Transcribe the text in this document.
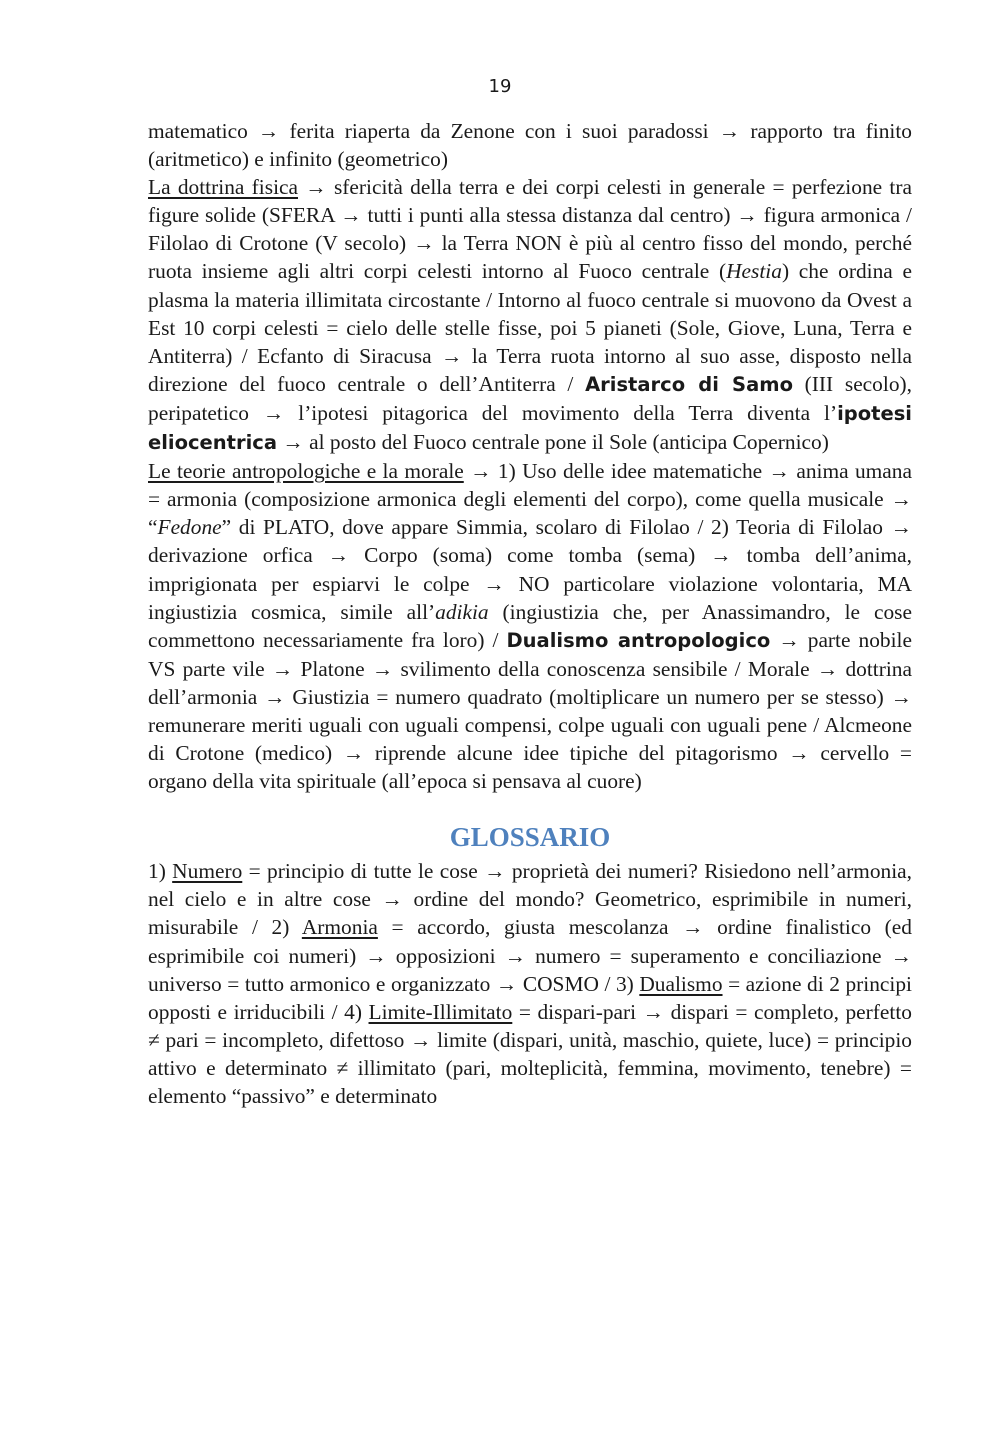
19

matematico → ferita riaperta da Zenone con i suoi paradossi → rapporto tra finito (aritmetico) e infinito (geometrico)

La dottrina fisica → sfericità della terra e dei corpi celesti in generale = perfezione tra figure solide (SFERA → tutti i punti alla stessa distanza dal centro) → figura armonica / Filolao di Crotone (V secolo) → la Terra NON è più al centro fisso del mondo, perché ruota insieme agli altri corpi celesti intorno al Fuoco centrale (Hestia) che ordina e plasma la materia illimitata circostante / Intorno al fuoco centrale si muovono da Ovest a Est 10 corpi celesti = cielo delle stelle fisse, poi 5 pianeti (Sole, Giove, Luna, Terra e Antiterra) / Ecfanto di Siracusa → la Terra ruota intorno al suo asse, disposto nella direzione del fuoco centrale o dell’Antiterra / Aristarco di Samo (III secolo), peripatetico → l’ipotesi pitagorica del movimento della Terra diventa l’ipotesi eliocentrica → al posto del Fuoco centrale pone il Sole (anticipa Copernico)

Le teorie antropologiche e la morale → 1) Uso delle idee matematiche → anima umana = armonia (composizione armonica degli elementi del corpo), come quella musicale → “Fedone” di PLATO, dove appare Simmia, scolaro di Filolao / 2) Teoria di Filolao → derivazione orfica → Corpo (soma) come tomba (sema) → tomba dell’anima, imprigionata per espiarvi le colpe → NO particolare violazione volontaria, MA ingiustizia cosmica, simile all’adikia (ingiustizia che, per Anassimandro, le cose commettono necessariamente fra loro) / Dualismo antropologico → parte nobile VS parte vile → Platone → svilimento della conoscenza sensibile / Morale → dottrina dell’armonia → Giustizia = numero quadrato (moltiplicare un numero per se stesso) → remunerare meriti uguali con uguali compensi, colpe uguali con uguali pene / Alcmeone di Crotone (medico) → riprende alcune idee tipiche del pitagorismo → cervello = organo della vita spirituale (all’epoca si pensava al cuore)

GLOSSARIO

1) Numero = principio di tutte le cose → proprietà dei numeri? Risiedono nell’armonia, nel cielo e in altre cose → ordine del mondo? Geometrico, esprimibile in numeri, misurabile / 2) Armonia = accordo, giusta mescolanza → ordine finalistico (ed esprimibile coi numeri) → opposizioni → numero = superamento e conciliazione → universo = tutto armonico e organizzato → COSMO / 3) Dualismo = azione di 2 principi opposti e irriducibili / 4) Limite-Illimitato = dispari-pari → dispari = completo, perfetto ≠ pari = incompleto, difettoso → limite (dispari, unità, maschio, quiete, luce) = principio attivo e determinato ≠ illimitato (pari, molteplicità, femmina, movimento, tenebre) = elemento “passivo” e determinato
